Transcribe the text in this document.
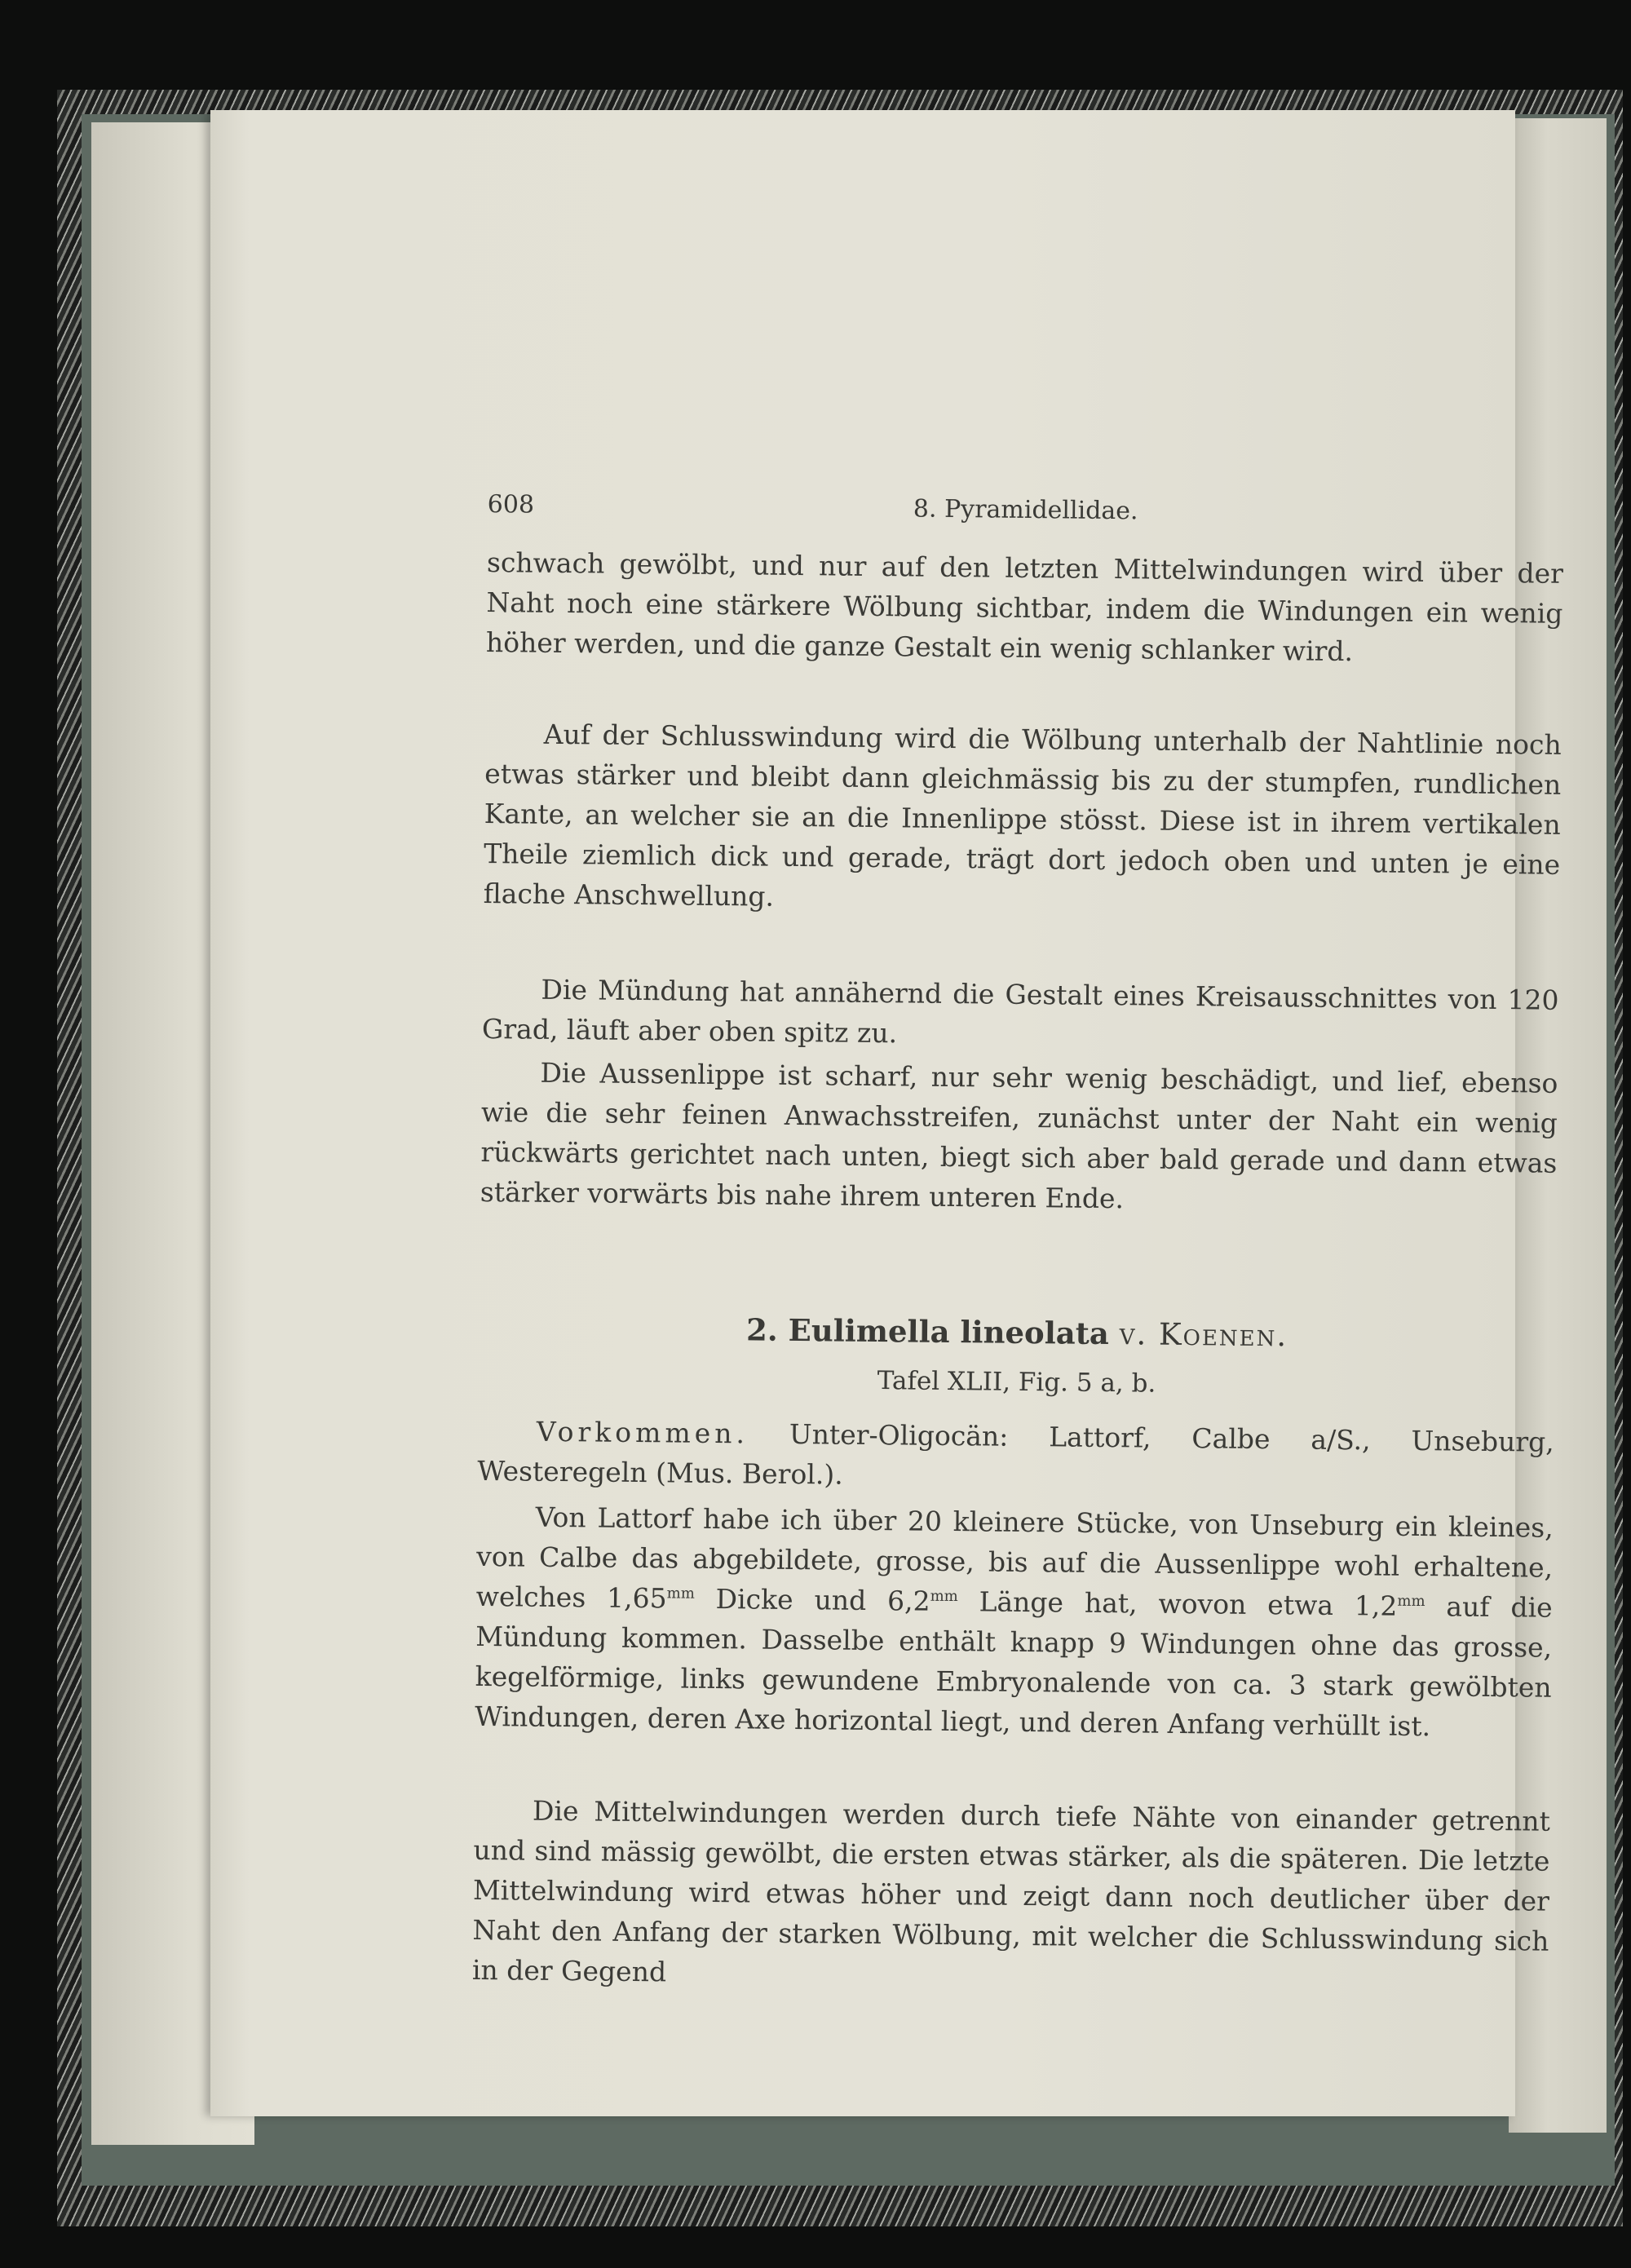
608	8. Pyramidellidae.

schwach gewölbt, und nur auf den letzten Mittelwindungen wird über der Naht noch eine stärkere Wölbung sichtbar, indem die Windungen ein wenig höher werden, und die ganze Gestalt ein wenig schlanker wird.

Auf der Schlusswindung wird die Wölbung unterhalb der Nahtlinie noch etwas stärker und bleibt dann gleichmässig bis zu der stumpfen, rundlichen Kante, an welcher sie an die Innenlippe stösst. Diese ist in ihrem vertikalen Theile ziemlich dick und gerade, trägt dort jedoch oben und unten je eine flache Anschwellung.

Die Mündung hat annähernd die Gestalt eines Kreisausschnittes von 120 Grad, läuft aber oben spitz zu.

Die Aussenlippe ist scharf, nur sehr wenig beschädigt, und lief, ebenso wie die sehr feinen Anwachsstreifen, zunächst unter der Naht ein wenig rückwärts gerichtet nach unten, biegt sich aber bald gerade und dann etwas stärker vorwärts bis nahe ihrem unteren Ende.

2. Eulimella lineolata v. Koenen.
Tafel XLII, Fig. 5 a, b.

Vorkommen. Unter-Oligocän: Lattorf, Calbe a/S., Unseburg, Westeregeln (Mus. Berol.).

Von Lattorf habe ich über 20 kleinere Stücke, von Unseburg ein kleines, von Calbe das abgebildete, grosse, bis auf die Aussenlippe wohl erhaltene, welches $1,65^{mm}$ Dicke und $6,2^{mm}$ Länge hat, wovon etwa $1,2^{mm}$ auf die Mündung kommen. Dasselbe enthält knapp 9 Windungen ohne das grosse, kegelförmige, links gewundene Embryonalende von ca. 3 stark gewölbten Windungen, deren Axe horizontal liegt, und deren Anfang verhüllt ist.

Die Mittelwindungen werden durch tiefe Nähte von einander getrennt und sind mässig gewölbt, die ersten etwas stärker, als die späteren. Die letzte Mittelwindung wird etwas höher und zeigt dann noch deutlicher über der Naht den Anfang der starken Wölbung, mit welcher die Schlusswindung sich in der Gegend
